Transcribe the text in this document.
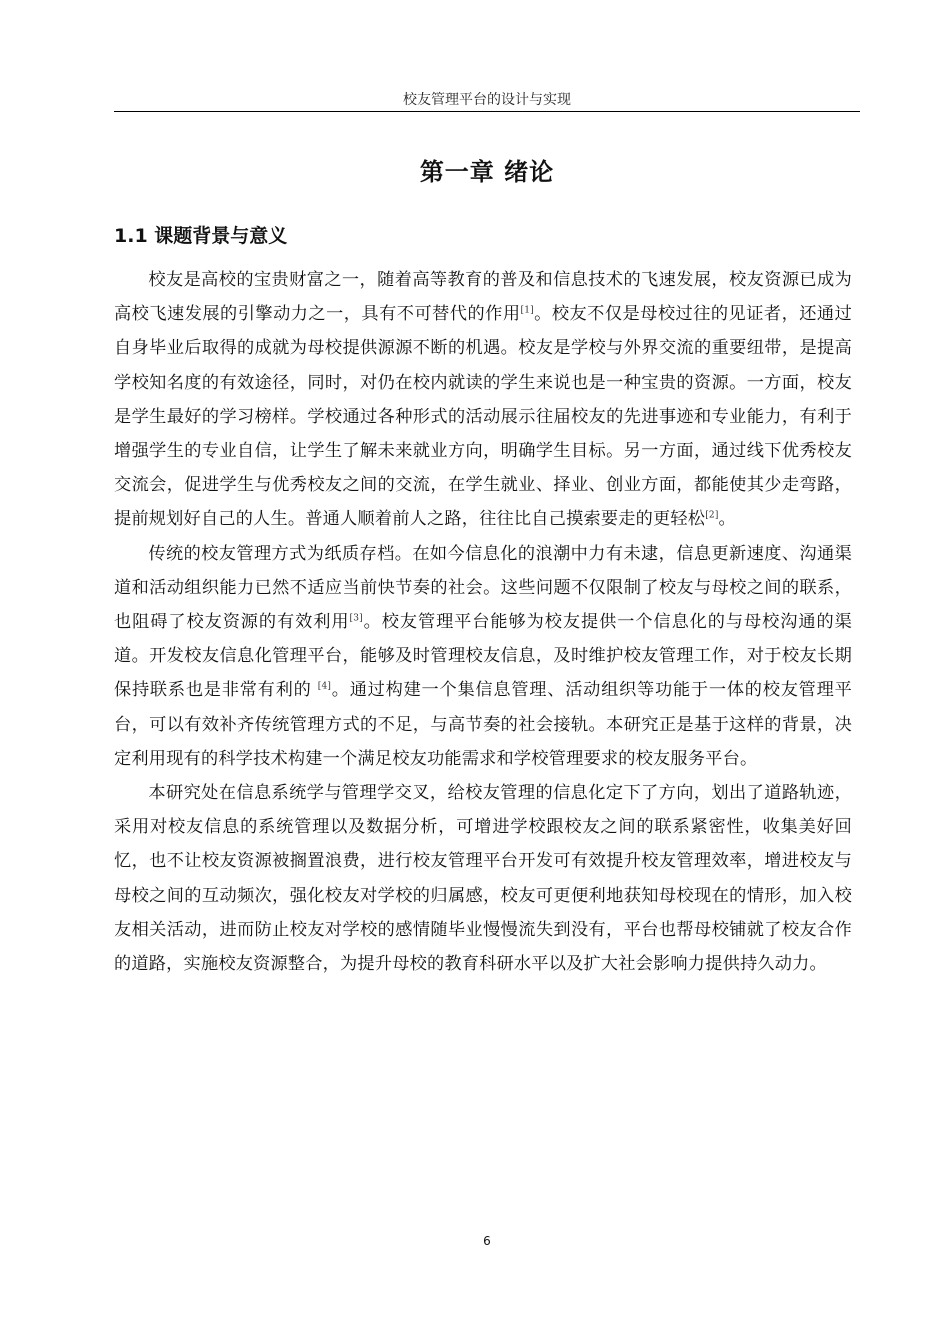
校友管理平台的设计与实现
第一章 绪论
1.1 课题背景与意义

校友是高校的宝贵财富之一，随着高等教育的普及和信息技术的飞速发展，校友资源已成为高校飞速发展的引擎动力之一，具有不可替代的作用[1]。校友不仅是母校过往的见证者，还通过自身毕业后取得的成就为母校提供源源不断的机遇。校友是学校与外界交流的重要纽带，是提高学校知名度的有效途径，同时，对仍在校内就读的学生来说也是一种宝贵的资源。一方面，校友是学生最好的学习榜样。学校通过各种形式的活动展示往届校友的先进事迹和专业能力，有利于增强学生的专业自信，让学生了解未来就业方向，明确学生目标。另一方面，通过线下优秀校友交流会，促进学生与优秀校友之间的交流，在学生就业、择业、创业方面，都能使其少走弯路，提前规划好自己的人生。普通人顺着前人之路，往往比自己摸索要走的更轻松[2]。

传统的校友管理方式为纸质存档。在如今信息化的浪潮中力有未逮，信息更新速度、沟通渠道和活动组织能力已然不适应当前快节奏的社会。这些问题不仅限制了校友与母校之间的联系，也阻碍了校友资源的有效利用[3]。校友管理平台能够为校友提供一个信息化的与母校沟通的渠道。开发校友信息化管理平台，能够及时管理校友信息，及时维护校友管理工作，对于校友长期保持联系也是非常有利的 [4]。通过构建一个集信息管理、活动组织等功能于一体的校友管理平台，可以有效补齐传统管理方式的不足，与高节奏的社会接轨。本研究正是基于这样的背景，决定利用现有的科学技术构建一个满足校友功能需求和学校管理要求的校友服务平台。

本研究处在信息系统学与管理学交叉，给校友管理的信息化定下了方向，划出了道路轨迹，采用对校友信息的系统管理以及数据分析，可增进学校跟校友之间的联系紧密性，收集美好回忆，也不让校友资源被搁置浪费，进行校友管理平台开发可有效提升校友管理效率，增进校友与母校之间的互动频次，强化校友对学校的归属感，校友可更便利地获知母校现在的情形，加入校友相关活动，进而防止校友对学校的感情随毕业慢慢流失到没有，平台也帮母校铺就了校友合作的道路，实施校友资源整合，为提升母校的教育科研水平以及扩大社会影响力提供持久动力。

6
